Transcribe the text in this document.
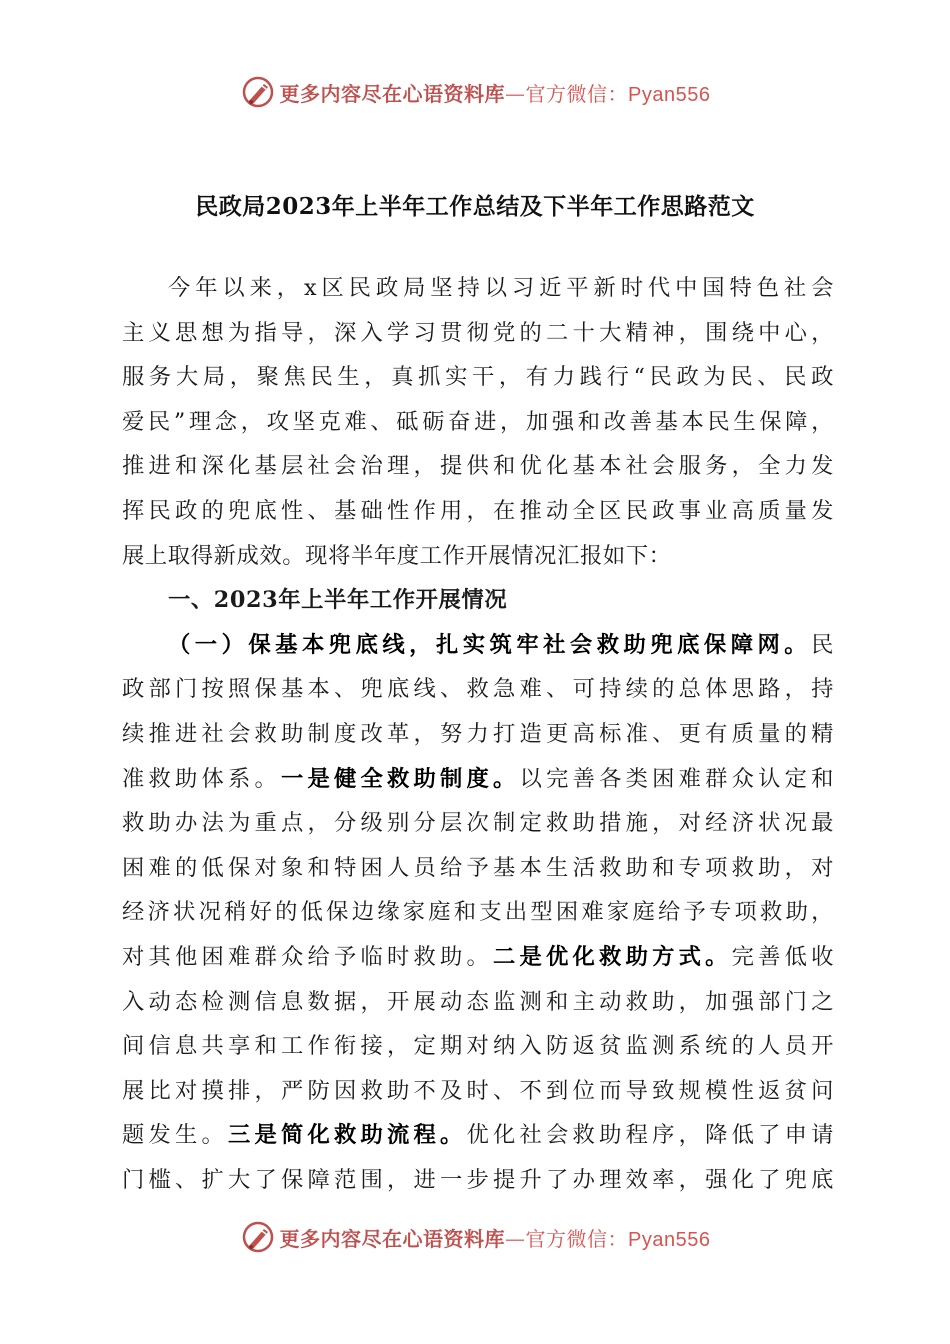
更多内容尽在心语资料库—官方微信：Pyan556
民政局2023年上半年工作总结及下半年工作思路范文
今年以来，x区民政局坚持以习近平新时代中国特色社会
主义思想为指导，深入学习贯彻党的二十大精神，围绕中心，
服务大局，聚焦民生，真抓实干，有力践行“民政为民、民政
爱民”理念，攻坚克难、砥砺奋进，加强和改善基本民生保障，
推进和深化基层社会治理，提供和优化基本社会服务，全力发
挥民政的兜底性、基础性作用，在推动全区民政事业高质量发
展上取得新成效。现将半年度工作开展情况汇报如下：
一、2023年上半年工作开展情况
（一）保基本兜底线，扎实筑牢社会救助兜底保障网。民
政部门按照保基本、兜底线、救急难、可持续的总体思路，持
续推进社会救助制度改革，努力打造更高标准、更有质量的精
准救助体系。一是健全救助制度。以完善各类困难群众认定和
救助办法为重点，分级别分层次制定救助措施，对经济状况最
困难的低保对象和特困人员给予基本生活救助和专项救助，对
经济状况稍好的低保边缘家庭和支出型困难家庭给予专项救助，
对其他困难群众给予临时救助。二是优化救助方式。完善低收
入动态检测信息数据，开展动态监测和主动救助，加强部门之
间信息共享和工作衔接，定期对纳入防返贫监测系统的人员开
展比对摸排，严防因救助不及时、不到位而导致规模性返贫问
题发生。三是简化救助流程。优化社会救助程序，降低了申请
门槛、扩大了保障范围，进一步提升了办理效率，强化了兜底
更多内容尽在心语资料库—官方微信：Pyan556
